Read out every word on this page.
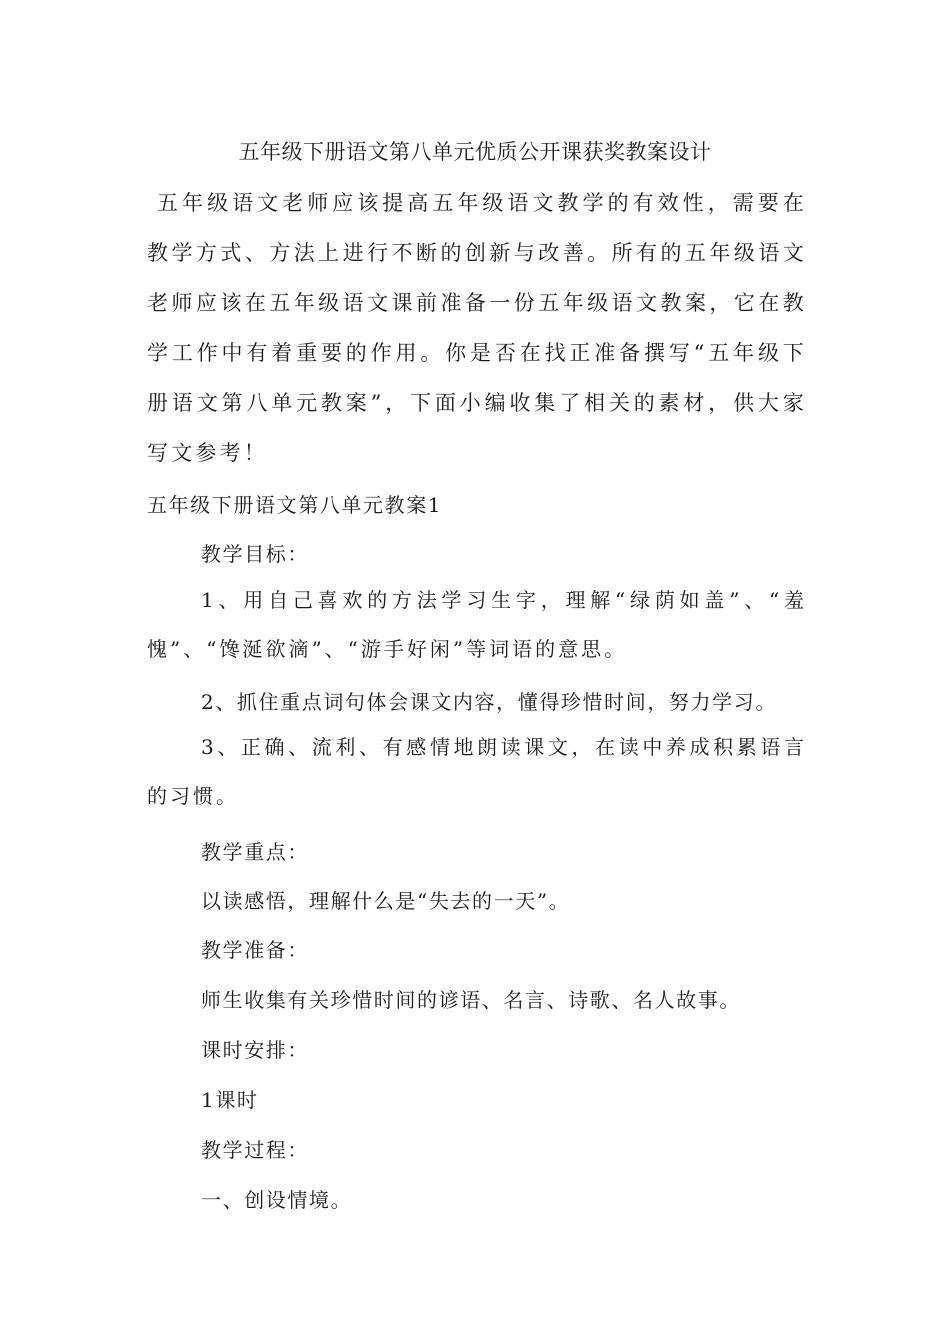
五年级下册语文第八单元优质公开课获奖教案设计
五年级语文老师应该提高五年级语文教学的有效性，需要在教学方式、方法上进行不断的创新与改善。所有的五年级语文老师应该在五年级语文课前准备一份五年级语文教案，它在教学工作中有着重要的作用。你是否在找正准备撰写“五年级下册语文第八单元教案”，下面小编收集了相关的素材，供大家写文参考！
五年级下册语文第八单元教案1
教学目标：
1、用自己喜欢的方法学习生字，理解“绿荫如盖”、“羞愧”、“馋涎欲滴”、“游手好闲”等词语的意思。
2、抓住重点词句体会课文内容，懂得珍惜时间，努力学习。
3、正确、流利、有感情地朗读课文，在读中养成积累语言的习惯。
教学重点：
以读感悟，理解什么是“失去的一天”。
教学准备：
师生收集有关珍惜时间的谚语、名言、诗歌、名人故事。
课时安排：
1课时
教学过程：
一、创设情境。
